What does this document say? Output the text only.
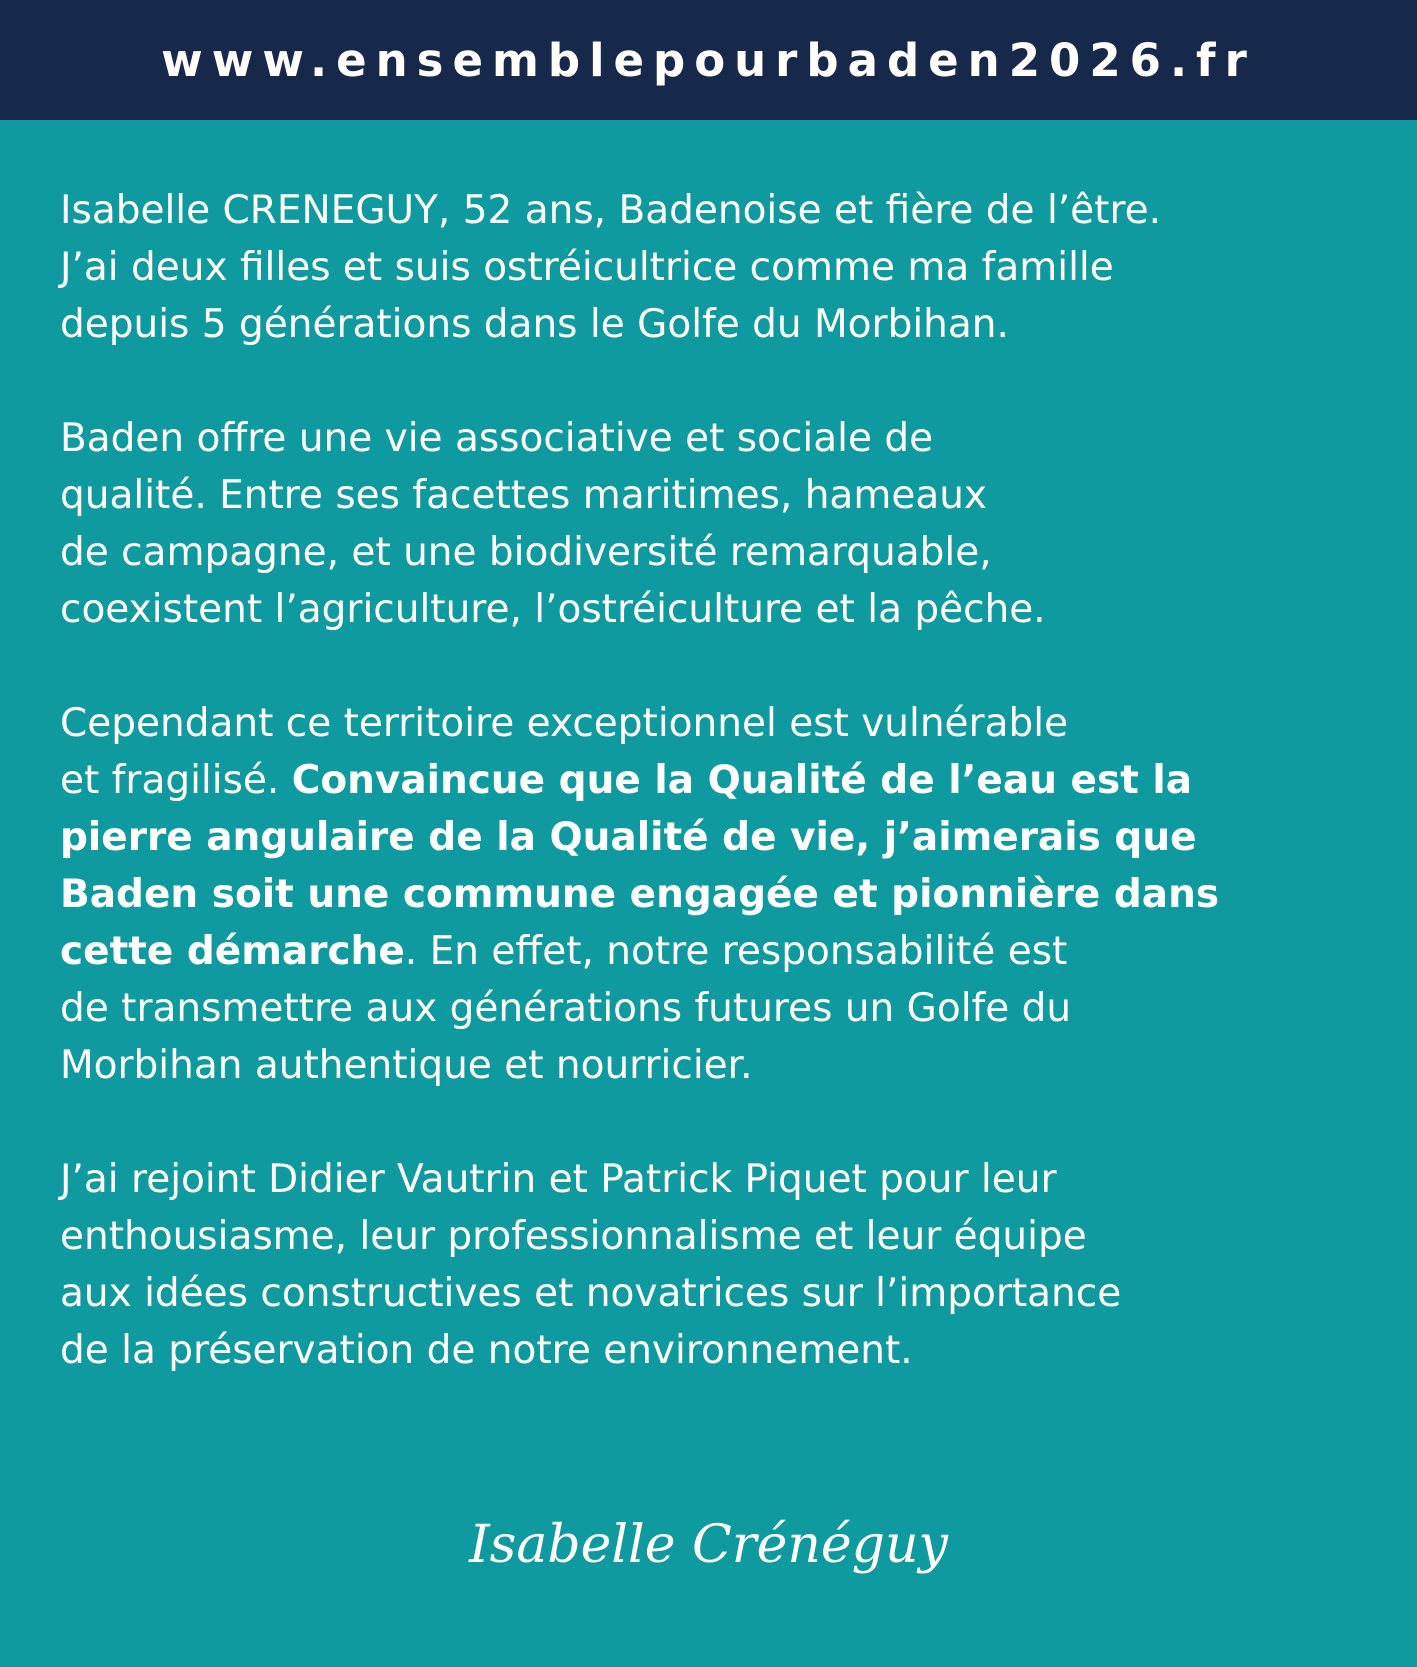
www.ensemblepourbaden2026.fr

Isabelle CRENEGUY, 52 ans, Badenoise et fière de l’être.
J’ai deux filles et suis ostréicultrice comme ma famille
depuis 5 générations dans le Golfe du Morbihan.

Baden offre une vie associative et sociale de
qualité. Entre ses facettes maritimes, hameaux
de campagne, et une biodiversité remarquable,
coexistent l’agriculture, l’ostréiculture et la pêche.

Cependant ce territoire exceptionnel est vulnérable
et fragilisé. Convaincue que la Qualité de l’eau est la
pierre angulaire de la Qualité de vie, j’aimerais que
Baden soit une commune engagée et pionnière dans
cette démarche. En effet, notre responsabilité est
de transmettre aux générations futures un Golfe du
Morbihan authentique et nourricier.

J’ai rejoint Didier Vautrin et Patrick Piquet pour leur
enthousiasme, leur professionnalisme et leur équipe
aux idées constructives et novatrices sur l’importance
de la préservation de notre environnement.

Isabelle Crénéguy
